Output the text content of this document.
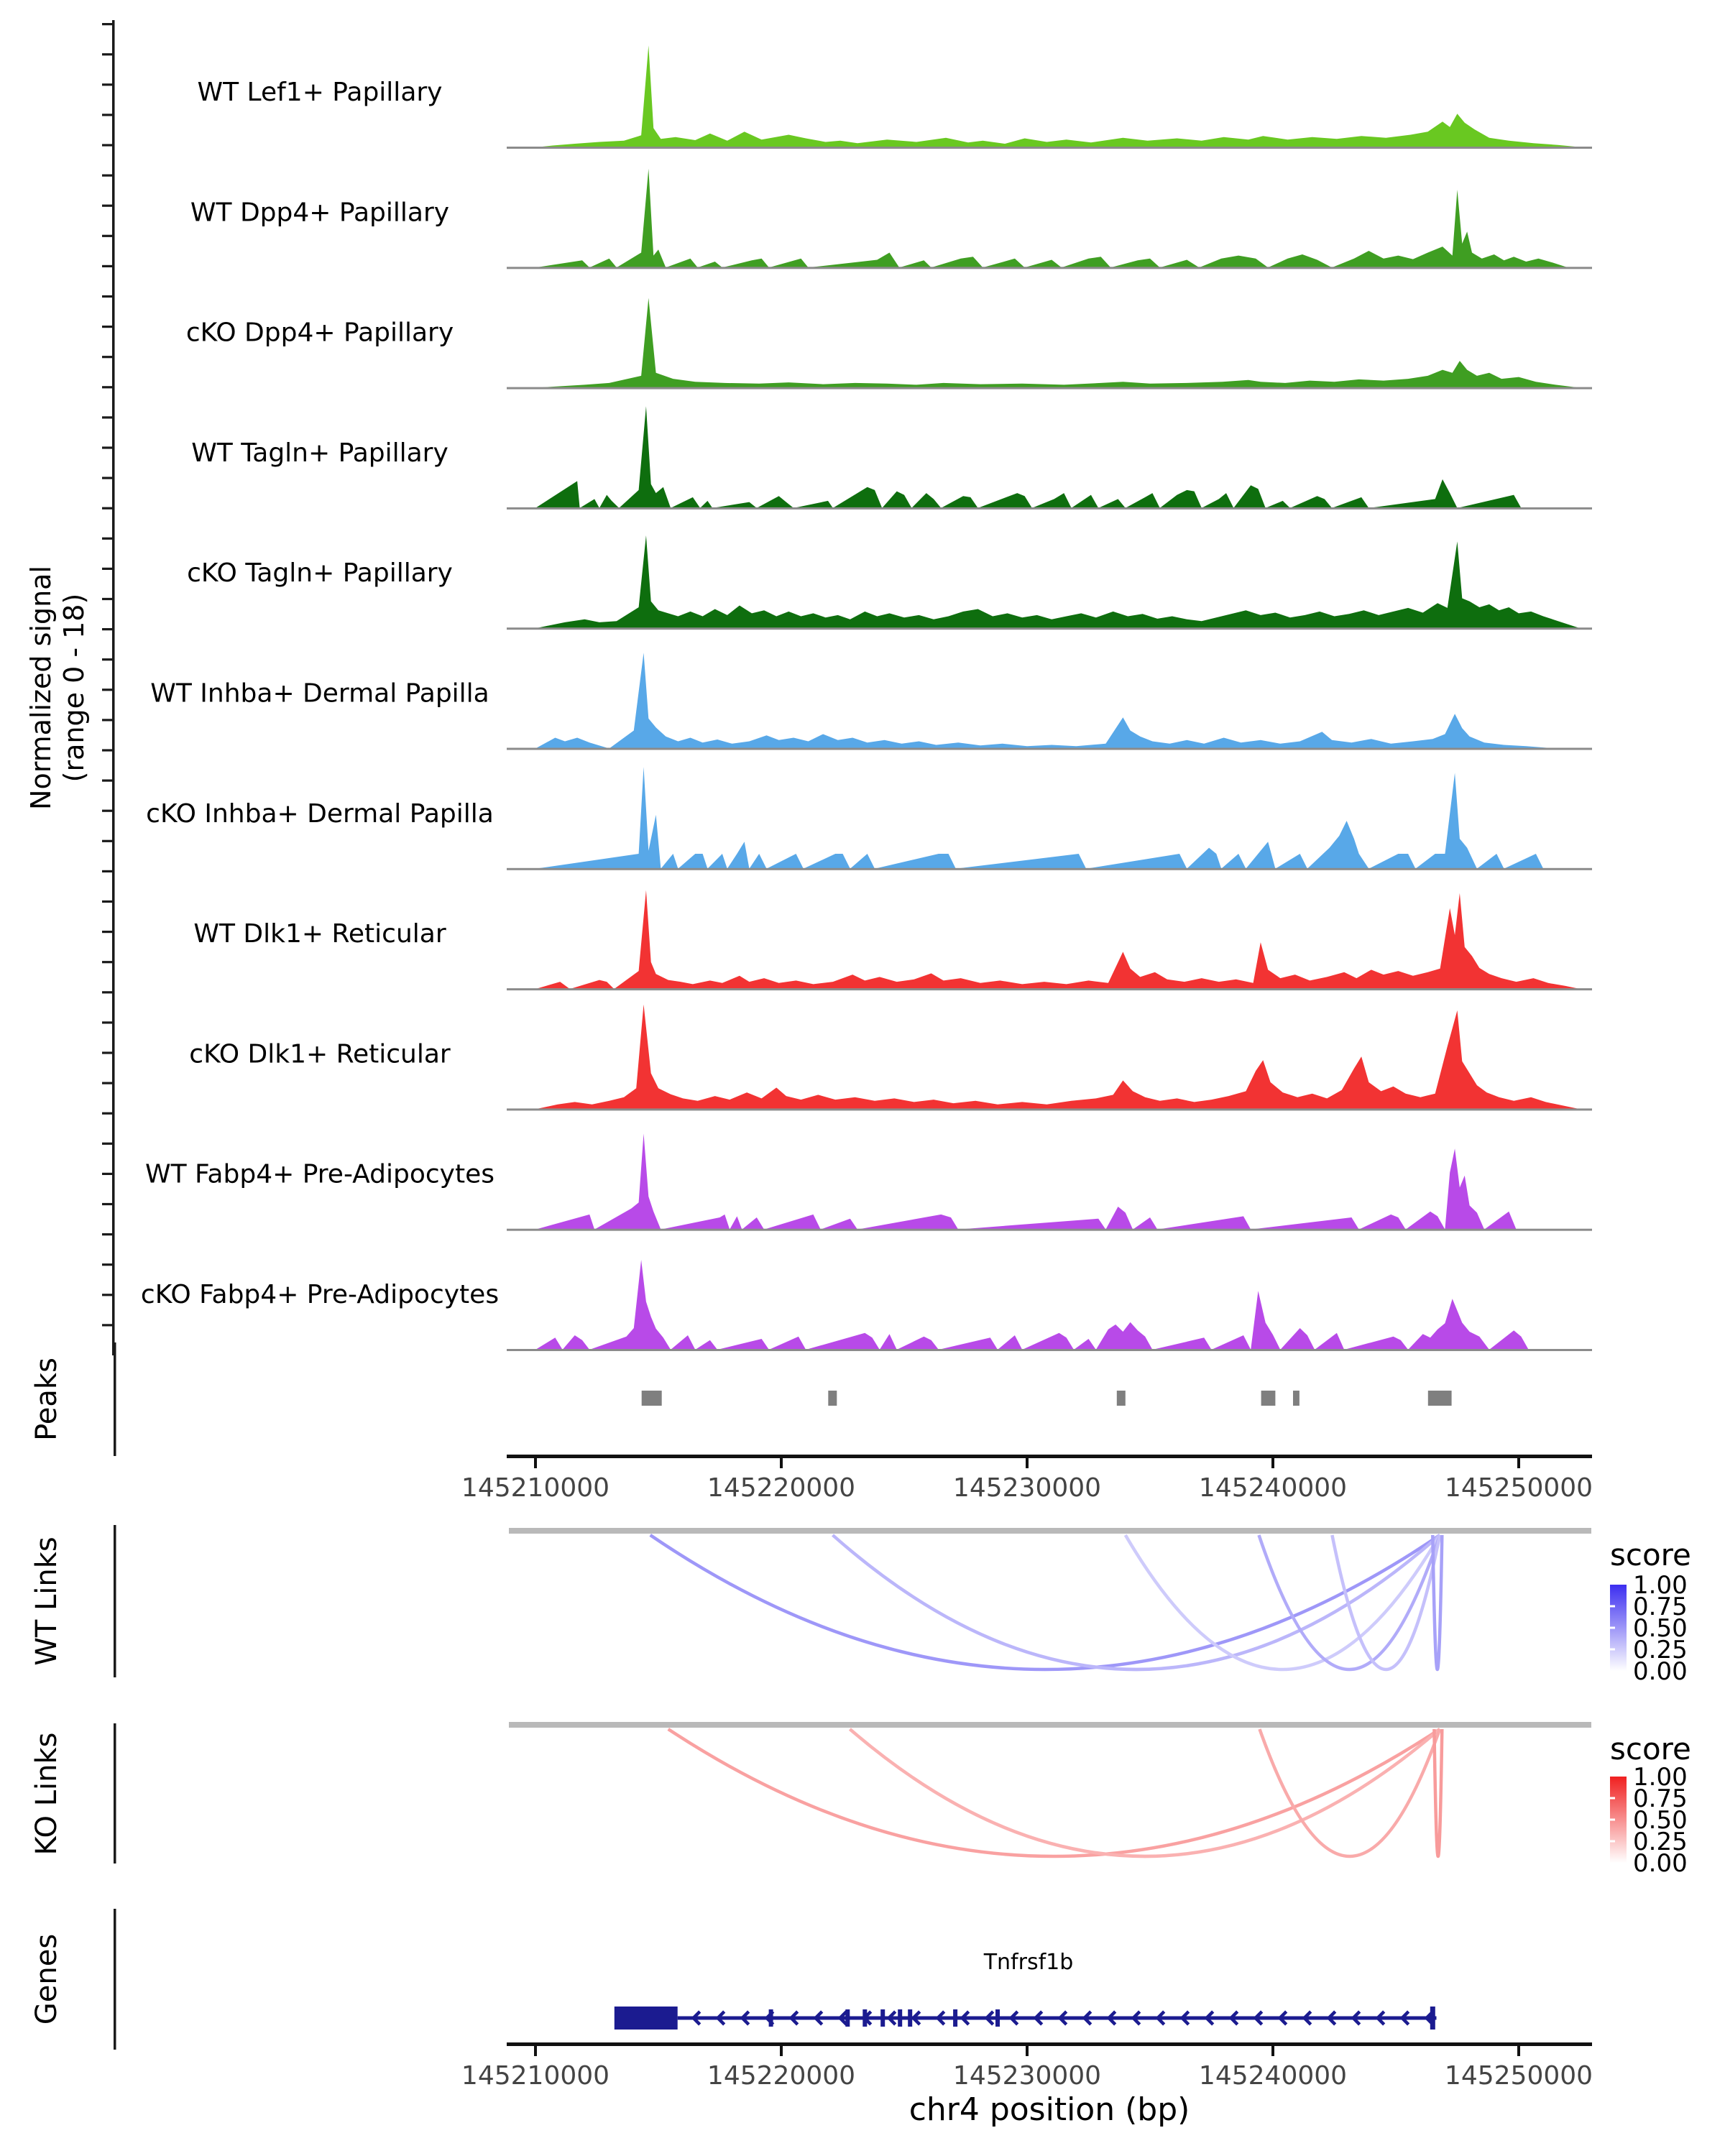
Normalized signal (range 0 - 18)
Peaks
WT Links
KO Links
Genes
WT Lef1+ Papillary
WT Dpp4+ Papillary
cKO Dpp4+ Papillary
WT Tagln+ Papillary
cKO Tagln+ Papillary
WT Inhba+ Dermal Papilla
cKO Inhba+ Dermal Papilla
WT Dlk1+ Reticular
cKO Dlk1+ Reticular
WT Fabp4+ Pre-Adipocytes
cKO Fabp4+ Pre-Adipocytes
145210000	145220000	145230000	145240000	145250000
score
1.00
0.75
0.50
0.25
0.00
score
1.00
0.75
0.50
0.25
0.00
Tnfrsf1b
145210000	145220000	145230000	145240000	145250000
chr4 position (bp)
